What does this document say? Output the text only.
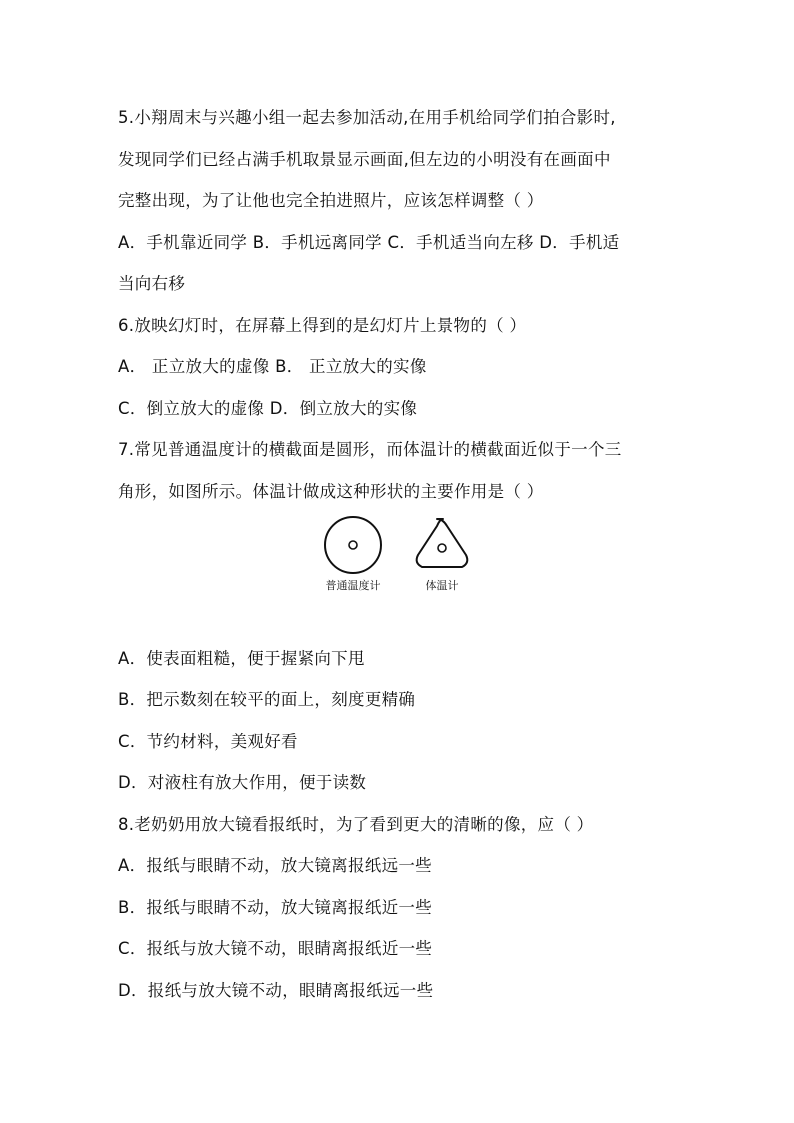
5.小翔周末与兴趣小组一起去参加活动,在用手机给同学们拍合影时,
发现同学们已经占满手机取景显示画面,但左边的小明没有在画面中
完整出现，为了让他也完全拍进照片，应该怎样调整（ ）
A．手机靠近同学 B．手机远离同学 C．手机适当向左移 D．手机适
当向右移
6.放映幻灯时，在屏幕上得到的是幻灯片上景物的（ ）
A． 正立放大的虚像 B． 正立放大的实像
C．倒立放大的虚像 D．倒立放大的实像
7.常见普通温度计的横截面是圆形，而体温计的横截面近似于一个三
角形，如图所示。体温计做成这种形状的主要作用是（ ）
普通温度计	体温计
A．使表面粗糙，便于握紧向下甩
B．把示数刻在较平的面上，刻度更精确
C．节约材料，美观好看
D．对液柱有放大作用，便于读数
8.老奶奶用放大镜看报纸时，为了看到更大的清晰的像，应（ ）
A．报纸与眼睛不动，放大镜离报纸远一些
B．报纸与眼睛不动，放大镜离报纸近一些
C．报纸与放大镜不动，眼睛离报纸近一些
D．报纸与放大镜不动，眼睛离报纸远一些
